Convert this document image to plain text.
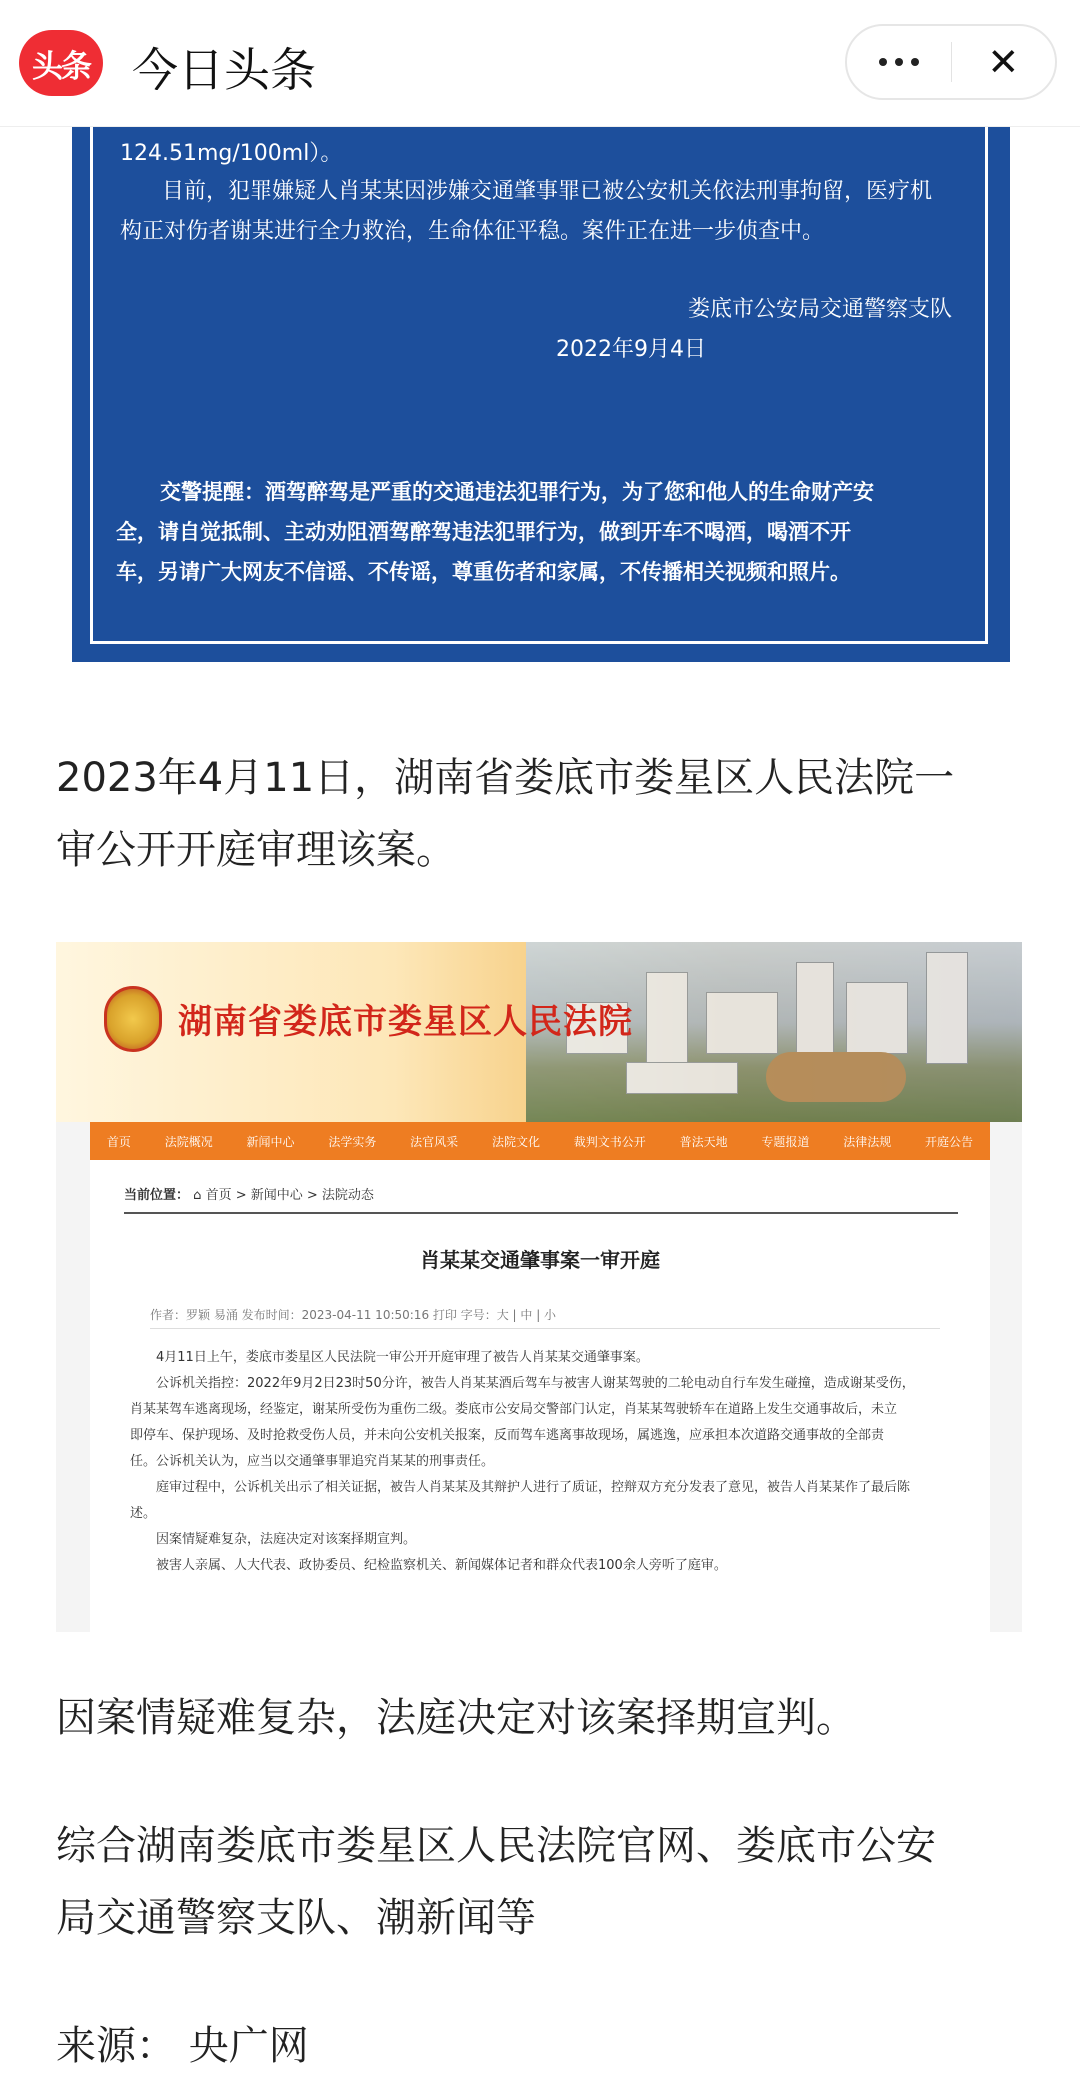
头条 今日头条	✕
124.51mg/100ml）。
目前，犯罪嫌疑人肖某某因涉嫌交通肇事罪已被公安机关依法刑事拘留，医疗机
构正对伤者谢某进行全力救治，生命体征平稳。案件正在进一步侦查中。
娄底市公安局交通警察支队
2022年9月4日
交警提醒：酒驾醉驾是严重的交通违法犯罪行为，为了您和他人的生命财产安
全，请自觉抵制、主动劝阻酒驾醉驾违法犯罪行为，做到开车不喝酒，喝酒不开
车，另请广大网友不信谣、不传谣，尊重伤者和家属，不传播相关视频和照片。
2023年4月11日，湖南省娄底市娄星区人民法院一
审公开开庭审理该案。
湖南省娄底市娄星区人民法院
首页	法院概况	新闻中心	法学实务	法官风采	法院文化	裁判文书公开	普法天地	专题报道	法律法规	开庭公告
当前位置： ⌂ 首页 > 新闻中心 > 法院动态
肖某某交通肇事案一审开庭
作者：罗颖 易涌 发布时间：2023-04-11 10:50:16 打印 字号：大 | 中 | 小
4月11日上午，娄底市娄星区人民法院一审公开开庭审理了被告人肖某某交通肇事案。
公诉机关指控：2022年9月2日23时50分许，被告人肖某某酒后驾车与被害人谢某驾驶的二轮电动自行车发生碰撞，造成谢某受伤，
肖某某驾车逃离现场，经鉴定，谢某所受伤为重伤二级。娄底市公安局交警部门认定，肖某某驾驶轿车在道路上发生交通事故后，未立
即停车、保护现场、及时抢救受伤人员，并未向公安机关报案，反而驾车逃离事故现场，属逃逸，应承担本次道路交通事故的全部责
任。公诉机关认为，应当以交通肇事罪追究肖某某的刑事责任。
庭审过程中，公诉机关出示了相关证据，被告人肖某某及其辩护人进行了质证，控辩双方充分发表了意见，被告人肖某某作了最后陈
述。
因案情疑难复杂，法庭决定对该案择期宣判。
被害人亲属、人大代表、政协委员、纪检监察机关、新闻媒体记者和群众代表100余人旁听了庭审。
因案情疑难复杂，法庭决定对该案择期宣判。
综合湖南娄底市娄星区人民法院官网、娄底市公安
局交通警察支队、潮新闻等
来源： 央广网
